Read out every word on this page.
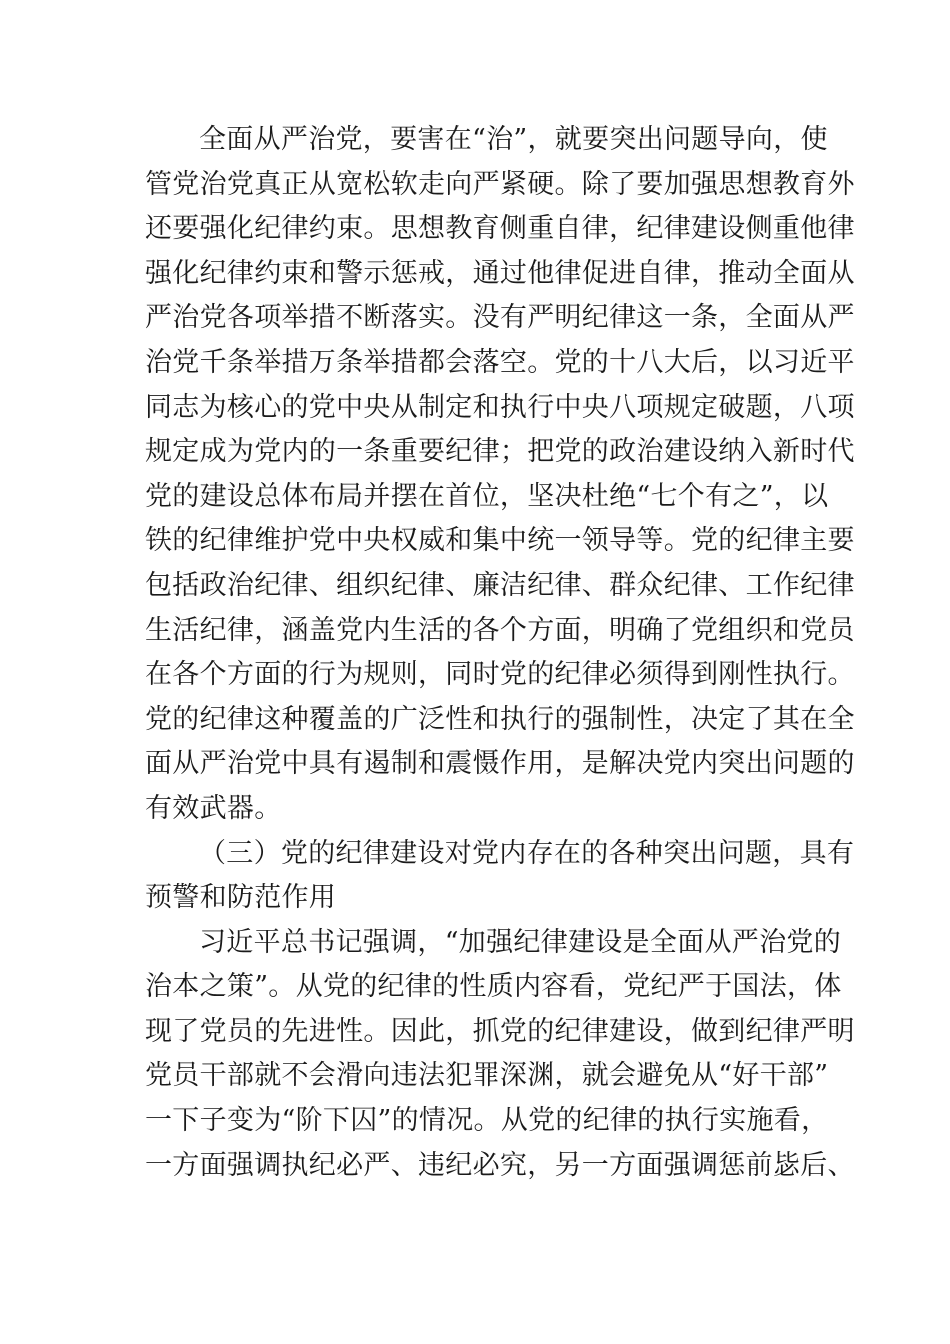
全面从严治党，要害在“治”，就要突出问题导向，使
管党治党真正从宽松软走向严紧硬。除了要加强思想教育外
还要强化纪律约束。思想教育侧重自律，纪律建设侧重他律
强化纪律约束和警示惩戒，通过他律促进自律，推动全面从
严治党各项举措不断落实。没有严明纪律这一条，全面从严
治党千条举措万条举措都会落空。党的十八大后，以习近平
同志为核心的党中央从制定和执行中央八项规定破题，八项
规定成为党内的一条重要纪律；把党的政治建设纳入新时代
党的建设总体布局并摆在首位，坚决杜绝“七个有之”，以
铁的纪律维护党中央权威和集中统一领导等。党的纪律主要
包括政治纪律、组织纪律、廉洁纪律、群众纪律、工作纪律
生活纪律，涵盖党内生活的各个方面，明确了党组织和党员
在各个方面的行为规则，同时党的纪律必须得到刚性执行。
党的纪律这种覆盖的广泛性和执行的强制性，决定了其在全
面从严治党中具有遏制和震慑作用，是解决党内突出问题的
有效武器。
（三）党的纪律建设对党内存在的各种突出问题，具有
预警和防范作用
习近平总书记强调，“加强纪律建设是全面从严治党的
治本之策”。从党的纪律的性质内容看，党纪严于国法，体
现了党员的先进性。因此，抓党的纪律建设，做到纪律严明
党员干部就不会滑向违法犯罪深渊，就会避免从“好干部”
一下子变为“阶下囚”的情况。从党的纪律的执行实施看，
一方面强调执纪必严、违纪必究，另一方面强调惩前毖后、
